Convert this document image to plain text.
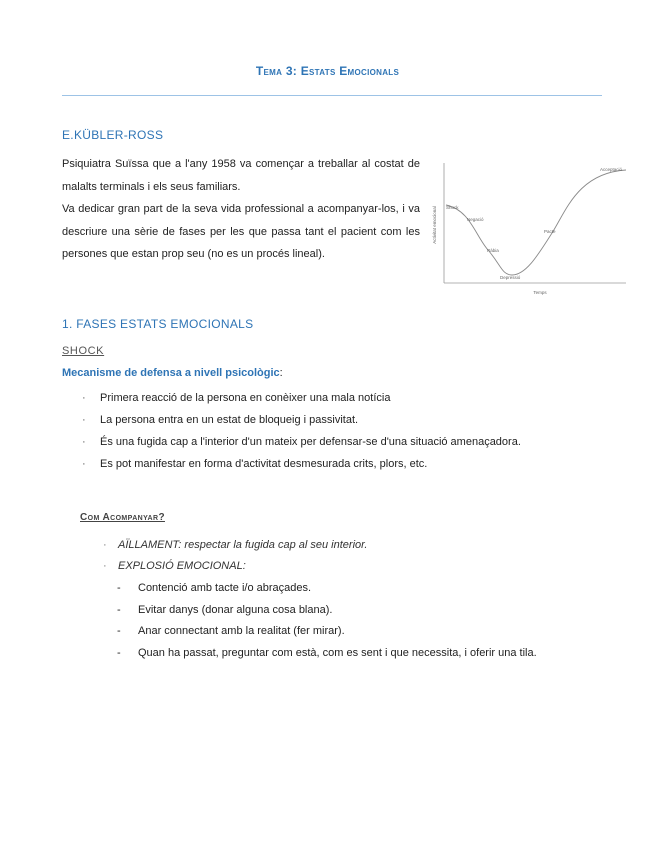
Tema 3: Estats Emocionals
E.KÜBLER-ROSS

Psiquiatra Suïssa que a l'any 1958 va començar a treballar al costat de malalts terminals i els seus familiars.

Va dedicar gran part de la seva vida professional a acompanyar-los, i va descriure una sèrie de fases per les que passa tant el pacient com les persones que estan prop seu (no es un procés lineal).

Activitat emocional
Temps
Shock
Negació
Ràbia
Depressió
Pacte
Acceptació
1. FASES ESTATS EMOCIONALS
SHOCK
Mecanisme de defensa a nivell psicològic:
· Primera reacció de la persona en conèixer una mala notícia
· La persona entra en un estat de bloqueig i passivitat.
· És una fugida cap a l'interior d'un mateix per defensar-se d'una situació amenaçadora.
· Es pot manifestar en forma d'activitat desmesurada crits, plors, etc.
Com Acompanyar?
· AÏLLAMENT: respectar la fugida cap al seu interior.
· EXPLOSIÓ EMOCIONAL:
- Contenció amb tacte i/o abraçades.
- Evitar danys (donar alguna cosa blana).
- Anar connectant amb la realitat (fer mirar).
- Quan ha passat, preguntar com està, com es sent i que necessita, i oferir una tila.
